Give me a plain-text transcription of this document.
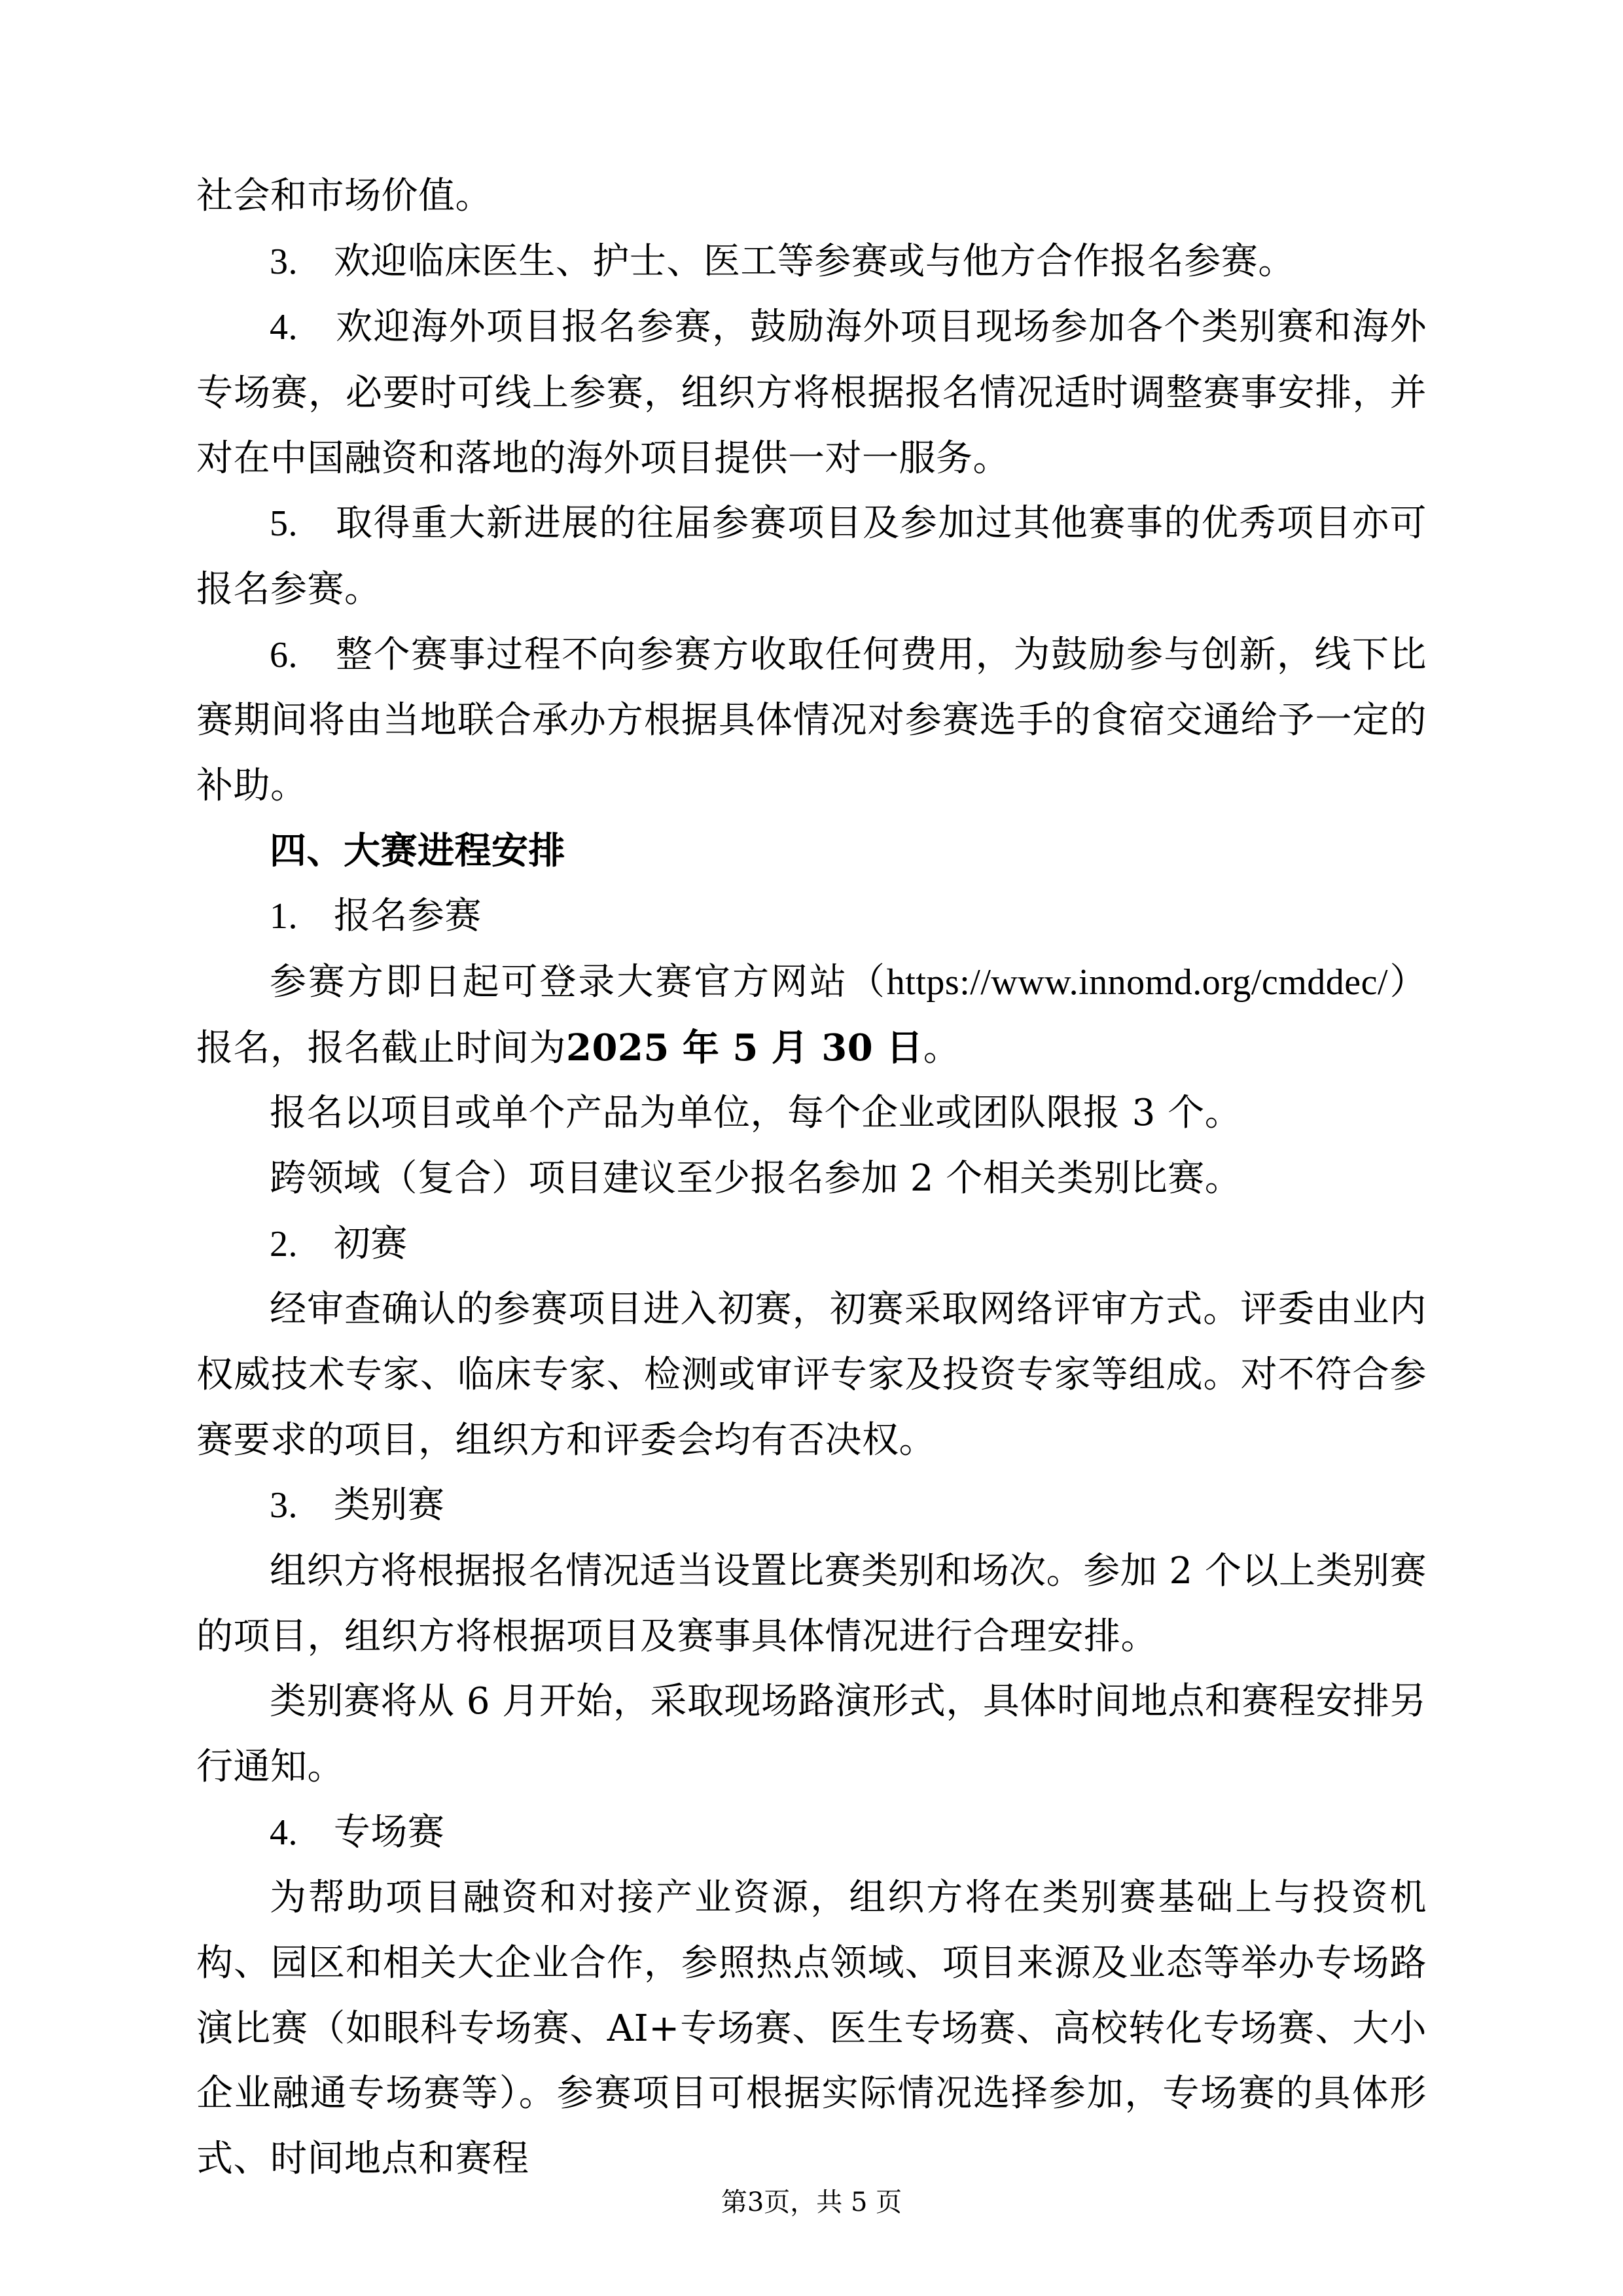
社会和市场价值。

3. 欢迎临床医生、护士、医工等参赛或与他方合作报名参赛。

4. 欢迎海外项目报名参赛，鼓励海外项目现场参加各个类别赛和海外专场赛，必要时可线上参赛，组织方将根据报名情况适时调整赛事安排，并对在中国融资和落地的海外项目提供一对一服务。

5. 取得重大新进展的往届参赛项目及参加过其他赛事的优秀项目亦可报名参赛。

6. 整个赛事过程不向参赛方收取任何费用，为鼓励参与创新，线下比赛期间将由当地联合承办方根据具体情况对参赛选手的食宿交通给予一定的补助。

四、大赛进程安排

1. 报名参赛

参赛方即日起可登录大赛官方网站（https://www.innomd.org/cmddec/）报名，报名截止时间为2025 年 5 月 30 日。

报名以项目或单个产品为单位，每个企业或团队限报 3 个。

跨领域（复合）项目建议至少报名参加 2 个相关类别比赛。

2. 初赛

经审查确认的参赛项目进入初赛，初赛采取网络评审方式。评委由业内权威技术专家、临床专家、检测或审评专家及投资专家等组成。对不符合参赛要求的项目，组织方和评委会均有否决权。

3. 类别赛

组织方将根据报名情况适当设置比赛类别和场次。参加 2 个以上类别赛的项目，组织方将根据项目及赛事具体情况进行合理安排。

类别赛将从 6 月开始，采取现场路演形式，具体时间地点和赛程安排另行通知。

4. 专场赛

为帮助项目融资和对接产业资源，组织方将在类别赛基础上与投资机构、园区和相关大企业合作，参照热点领域、项目来源及业态等举办专场路演比赛（如眼科专场赛、AI+专场赛、医生专场赛、高校转化专场赛、大小企业融通专场赛等）。参赛项目可根据实际情况选择参加，专场赛的具体形式、时间地点和赛程

第3页，共 5 页
